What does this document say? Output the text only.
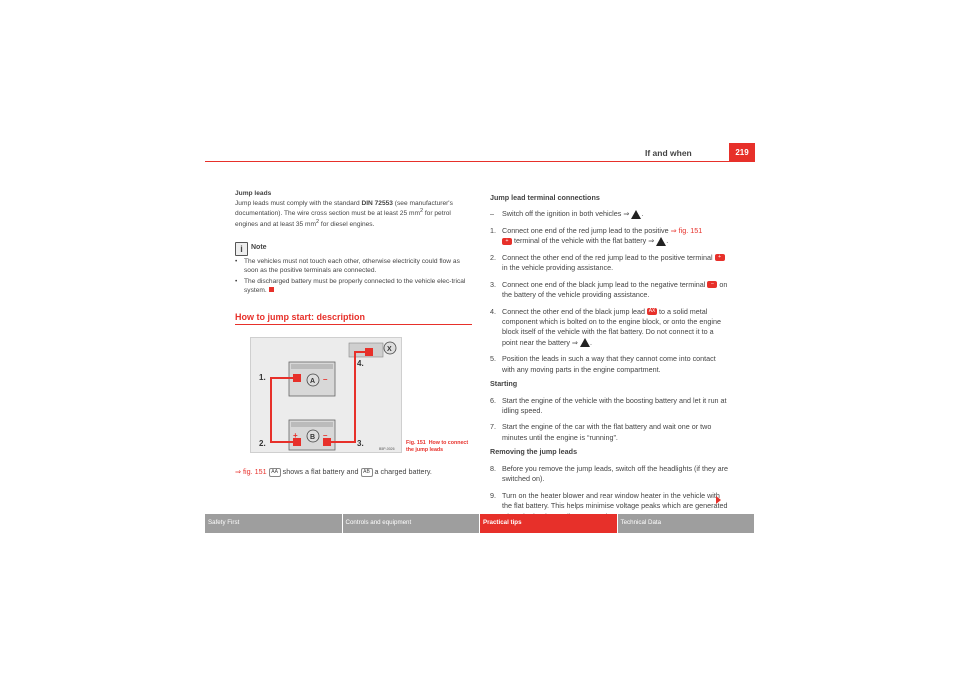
If and when	219

Jump leads

Jump leads must comply with the standard DIN 72553 (see manufacturer's documentation). The wire cross section must be at least 25 $mm^2$ for petrol engines and at least 35 $mm^2$ for diesel engines.

i	Note
•	The vehicles must not touch each other, otherwise electricity could flow as soon as the positive terminals are connected.
•	The discharged battery must be properly connected to the vehicle elec-trical system.
How to jump start: description
1.
2.	3.
4.
A
B
X
+	–
+	–
B5P-0026
Fig. 151 How to connect the jump leads
⇒ fig. 151 AA shows a flat battery and AB a charged battery.
Jump lead terminal connections
–	Switch off the ignition in both vehicles ⇒ .
1. Connect one end of the red jump lead to the positive ⇒ fig. 151
+ terminal of the vehicle with the flat battery ⇒ .
2. Connect the other end of the red jump lead to the positive terminal + in the vehicle providing assistance.
3. Connect one end of the black jump lead to the negative terminal – on the battery of the vehicle providing assistance.
4. Connect the other end of the black jump lead AX to a solid metal component which is bolted on to the engine block, or onto the engine block itself of the vehicle with the flat battery. Do not connect it to a point near the battery ⇒ .
5. Position the leads in such a way that they cannot come into contact with any moving parts in the engine compartment.
Starting
6. Start the engine of the vehicle with the boosting battery and let it run at idling speed.
7. Start the engine of the car with the flat battery and wait one or two minutes until the engine is “running”.
Removing the jump leads
8. Before you remove the jump leads, switch off the headlights (if they are switched on).
9. Turn on the heater blower and rear window heater in the vehicle with the flat battery. This helps minimise voltage peaks which are generated
Safety First	Controls and equipment	Practical tips	Technical Data
